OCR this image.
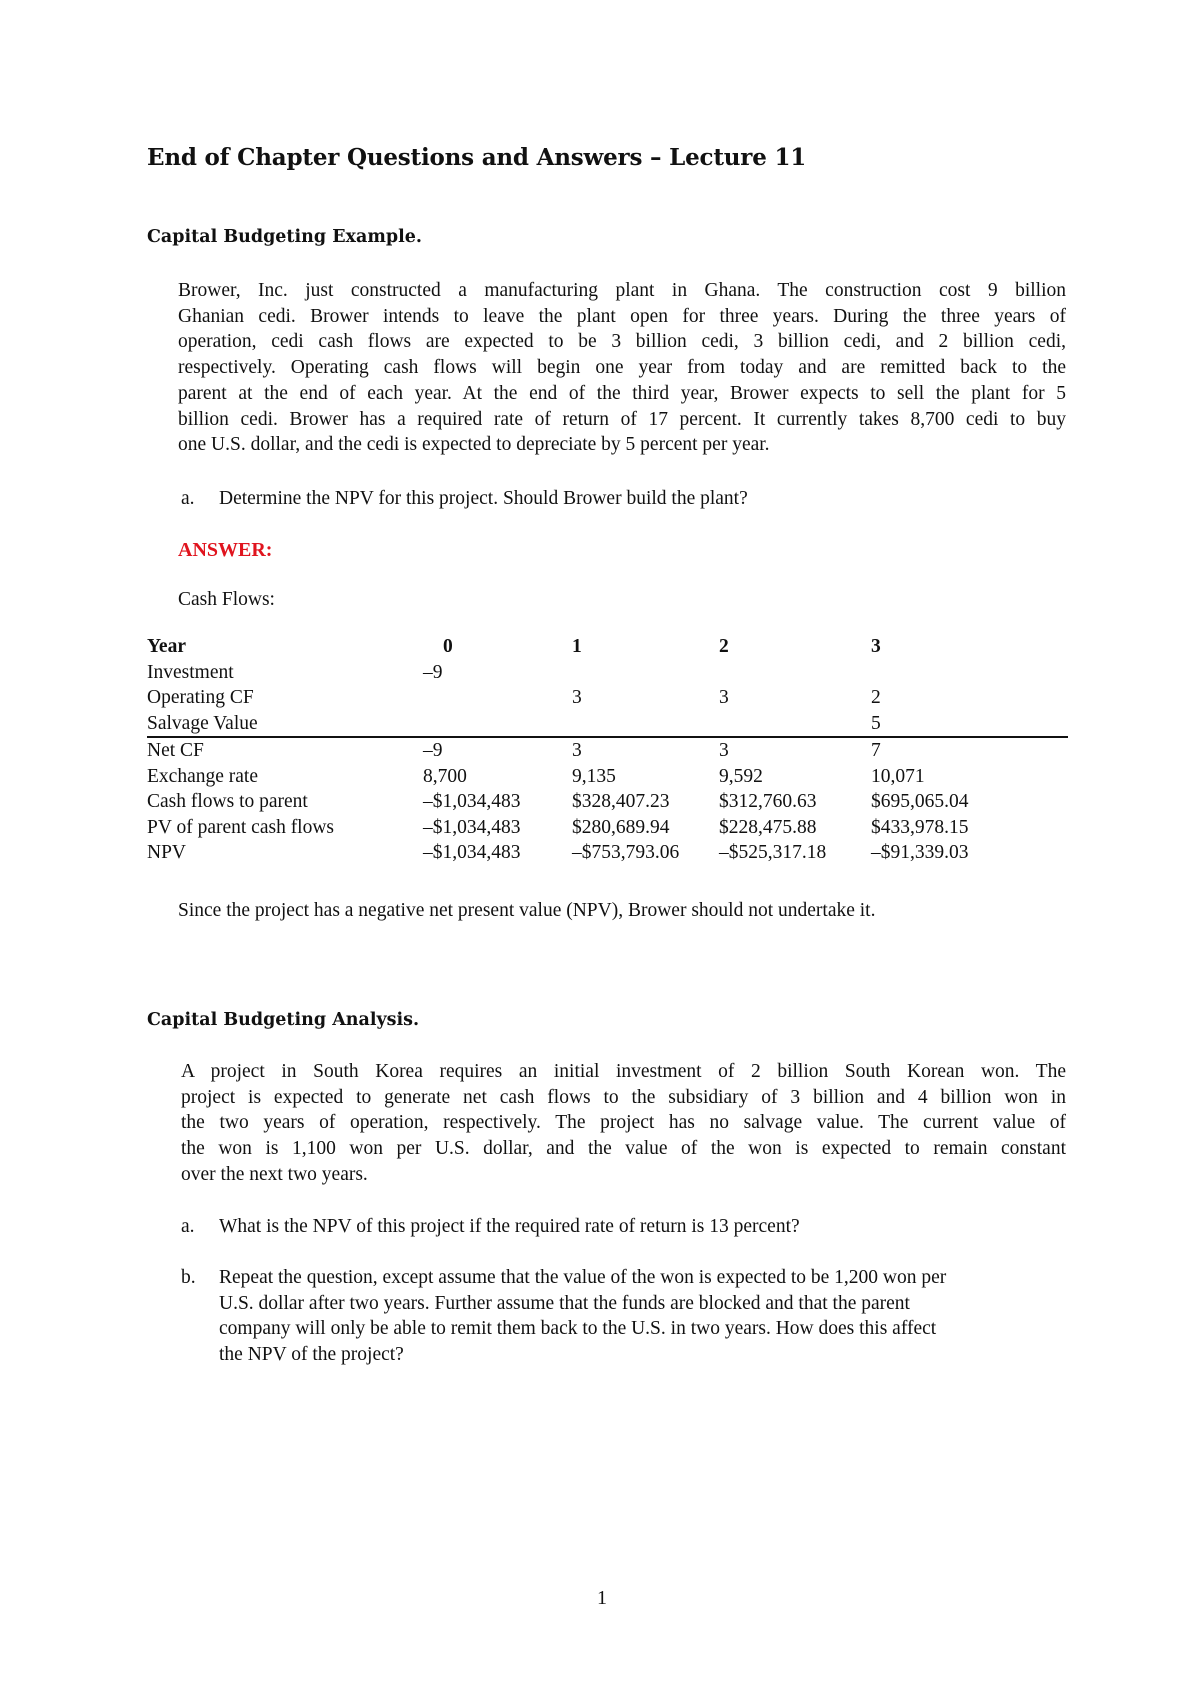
End of Chapter Questions and Answers – Lecture 11
Capital Budgeting Example.
Brower, Inc. just constructed a manufacturing plant in Ghana. The construction cost 9 billion
Ghanian cedi. Brower intends to leave the plant open for three years. During the three years of
operation, cedi cash flows are expected to be 3 billion cedi, 3 billion cedi, and 2 billion cedi,
respectively. Operating cash flows will begin one year from today and are remitted back to the
parent at the end of each year. At the end of the third year, Brower expects to sell the plant for 5
billion cedi. Brower has a required rate of return of 17 percent. It currently takes 8,700 cedi to buy
one U.S. dollar, and the cedi is expected to depreciate by 5 percent per year.
a. Determine the NPV for this project. Should Brower build the plant?
ANSWER:
Cash Flows:
Year	0	1	2	3
Investment	–9			
Operating CF		3	3	2
Salvage Value				5
Net CF	–9	3	3	7
Exchange rate	8,700	9,135	9,592	10,071
Cash flows to parent	–$1,034,483	$328,407.23	$312,760.63	$695,065.04
PV of parent cash flows	–$1,034,483	$280,689.94	$228,475.88	$433,978.15
NPV	–$1,034,483	–$753,793.06	–$525,317.18	–$91,339.03
Since the project has a negative net present value (NPV), Brower should not undertake it.
Capital Budgeting Analysis.
A project in South Korea requires an initial investment of 2 billion South Korean won. The
project is expected to generate net cash flows to the subsidiary of 3 billion and 4 billion won in
the two years of operation, respectively. The project has no salvage value. The current value of
the won is 1,100 won per U.S. dollar, and the value of the won is expected to remain constant
over the next two years.
a. What is the NPV of this project if the required rate of return is 13 percent?
b. Repeat the question, except assume that the value of the won is expected to be 1,200 won per
U.S. dollar after two years. Further assume that the funds are blocked and that the parent
company will only be able to remit them back to the U.S. in two years. How does this affect
the NPV of the project?
1
